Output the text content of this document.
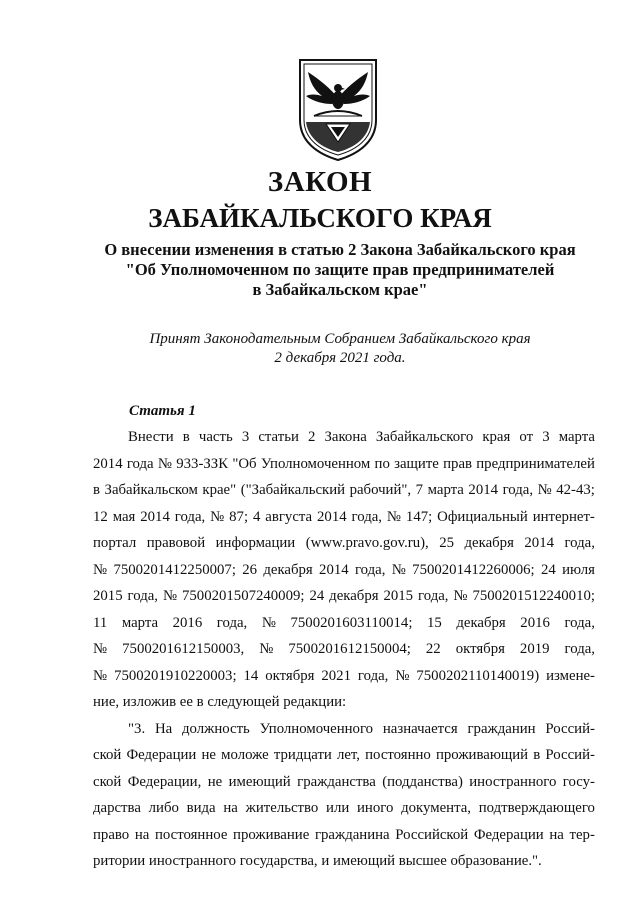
ЗАКОН
ЗАБАЙКАЛЬСКОГО КРАЯ
О внесении изменения в статью 2 Закона Забайкальского края
"Об Уполномоченном по защите прав предпринимателей
в Забайкальском крае"
Принят Законодательным Собранием Забайкальского края
2 декабря 2021 года.
Статья 1
Внести в часть 3 статьи 2 Закона Забайкальского края от 3 марта
2014 года № 933-ЗЗК "Об Уполномоченном по защите прав предпринимателей
в Забайкальском крае" ("Забайкальский рабочий", 7 марта 2014 года, № 42-43;
12 мая 2014 года, № 87; 4 августа 2014 года, № 147; Официальный интернет-
портал правовой информации (www.pravo.gov.ru), 25 декабря 2014 года,
№ 7500201412250007; 26 декабря 2014 года, № 7500201412260006; 24 июля
2015 года, № 7500201507240009; 24 декабря 2015 года, № 7500201512240010;
11 марта 2016 года, № 7500201603110014; 15 декабря 2016 года,
№ 7500201612150003, № 7500201612150004; 22 октября 2019 года,
№ 7500201910220003; 14 октября 2021 года, № 7500202110140019) измене-
ние, изложив ее в следующей редакции:
"3. На должность Уполномоченного назначается гражданин Россий-
ской Федерации не моложе тридцати лет, постоянно проживающий в Россий-
ской Федерации, не имеющий гражданства (подданства) иностранного госу-
дарства либо вида на жительство или иного документа, подтверждающего
право на постоянное проживание гражданина Российской Федерации на тер-
ритории иностранного государства, и имеющий высшее образование.".
